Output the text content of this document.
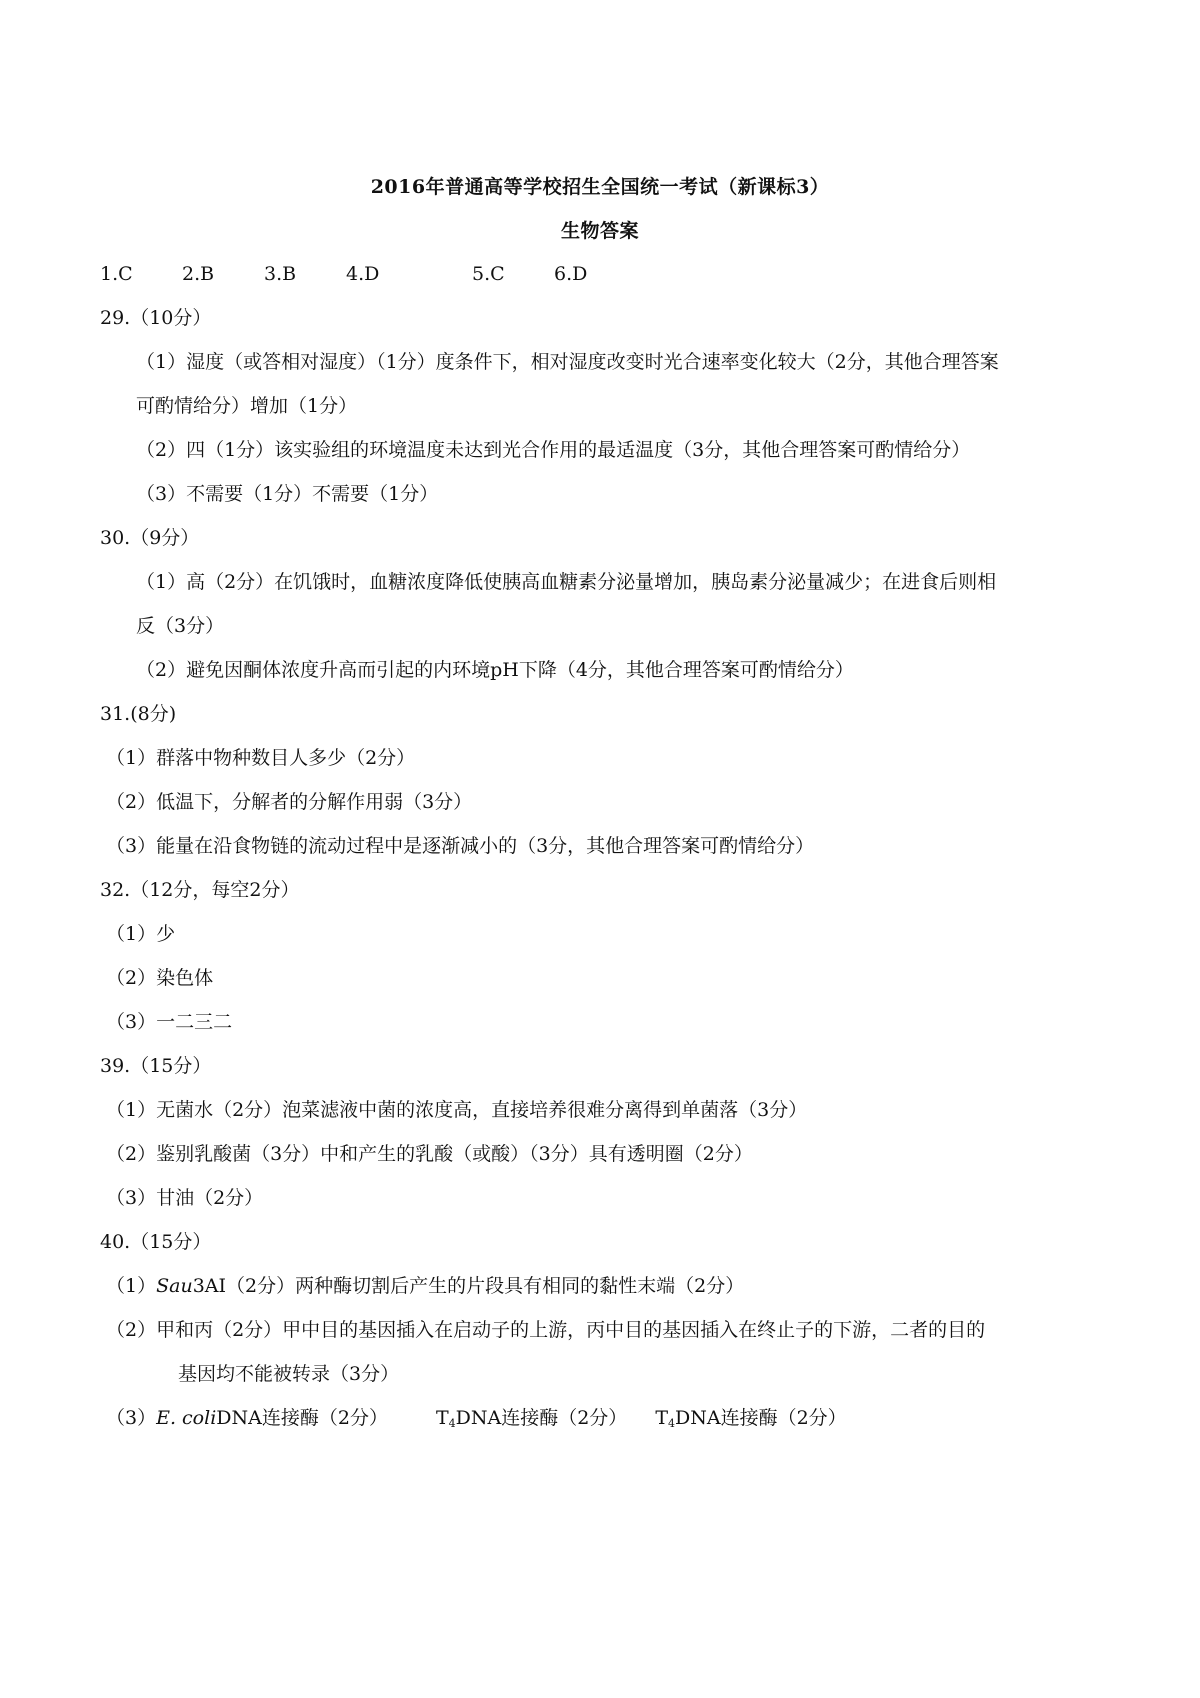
2016年普通高等学校招生全国统一考试（新课标3）
生物答案
1.C	2.B	3.B	4.D	5.C	6.D
29.（10分）
（1）湿度（或答相对湿度）（1分）度条件下，相对湿度改变时光合速率变化较大（2分，其他合理答案
可酌情给分）增加（1分）
（2）四（1分）该实验组的环境温度未达到光合作用的最适温度（3分，其他合理答案可酌情给分）
（3）不需要（1分）不需要（1分）
30.（9分）
（1）高（2分）在饥饿时，血糖浓度降低使胰高血糖素分泌量增加，胰岛素分泌量减少；在进食后则相
反（3分）
（2）避免因酮体浓度升高而引起的内环境pH下降（4分，其他合理答案可酌情给分）
31.(8分)
（1）群落中物种数目人多少（2分）
（2）低温下，分解者的分解作用弱（3分）
（3）能量在沿食物链的流动过程中是逐渐减小的（3分，其他合理答案可酌情给分）
32.（12分，每空2分）
（1）少
（2）染色体
（3）一二三二
39.（15分）
（1）无菌水（2分）泡菜滤液中菌的浓度高，直接培养很难分离得到单菌落（3分）
（2）鉴别乳酸菌（3分）中和产生的乳酸（或酸）（3分）具有透明圈（2分）
（3）甘油（2分）
40.（15分）
（1）Sau3AⅠ（2分）两种酶切割后产生的片段具有相同的黏性末端（2分）
（2）甲和丙（2分）甲中目的基因插入在启动子的上游，丙中目的基因插入在终止子的下游，二者的目的
基因均不能被转录（3分）
（3）E. coliDNA连接酶（2分）	$T_4DNA$连接酶（2分） $T_4DNA$连接酶（2分）
